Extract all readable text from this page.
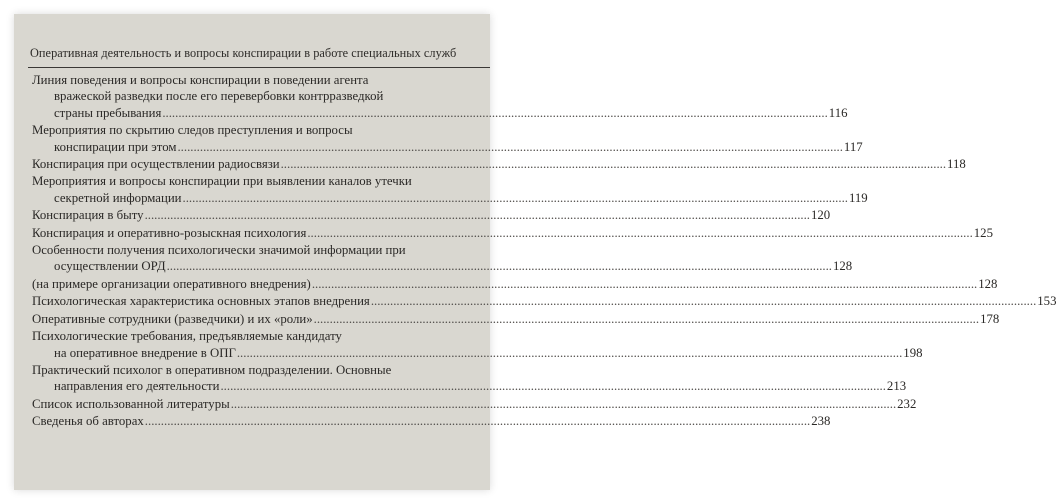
Оперативная деятельность и вопросы конспирации в работе специальных служб
Линия поведения и вопросы конспирации в поведении агента
вражеской разведки после его перевербовки контрразведкой
страны пребывания .....	116
Мероприятия по скрытию следов преступления и вопросы
конспирации при этом .....	117
Конспирация при осуществлении радиосвязи .....	118
Мероприятия и вопросы конспирации при выявлении каналов утечки
секретной информации .....	119
Конспирация в быту .....	120
Конспирация и оперативно-розыскная психология .....	125
Особенности получения психологически значимой информации при
осуществлении ОРД .....	128
(на примере организации оперативного внедрения) .....	128
Психологическая характеристика основных этапов внедрения .....	153
Оперативные сотрудники (разведчики) и их «роли» .....	178
Психологические требования, предъявляемые кандидату
на оперативное внедрение в ОПГ .....	198
Практический психолог в оперативном подразделении. Основные
направления его деятельности .....	213
Список использованной литературы .....	232
Сведенья об авторах .....	238
